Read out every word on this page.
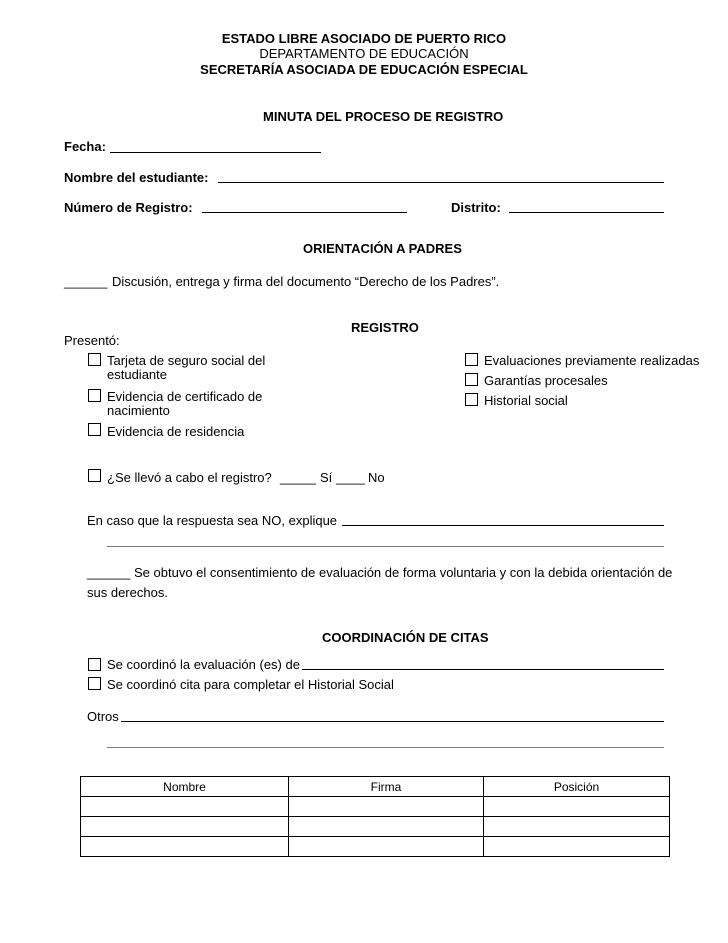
ESTADO LIBRE ASOCIADO DE PUERTO RICO
DEPARTAMENTO DE EDUCACIÓN
SECRETARÍA ASOCIADA DE EDUCACIÓN ESPECIAL
MINUTA DEL PROCESO DE REGISTRO
Fecha:
Nombre del estudiante:
Número de Registro:	Distrito:
ORIENTACIÓN A PADRES
______ Discusión, entrega y firma del documento “Derecho de los Padres”.
REGISTRO
Presentó:
Tarjeta de seguro social del
estudiante
Evidencia de certificado de
nacimiento
Evidencia de residencia
Evaluaciones previamente realizadas
Garantías procesales
Historial social
¿Se llevó a cabo el registro? _____ Sí ____ No
En caso que la respuesta sea NO, explique
______ Se obtuvo el consentimiento de evaluación de forma voluntaria y con la debida orientación de
sus derechos.
COORDINACIÓN DE CITAS
Se coordinó la evaluación (es) de
Se coordinó cita para completar el Historial Social
Otros
Nombre	Firma	Posición
